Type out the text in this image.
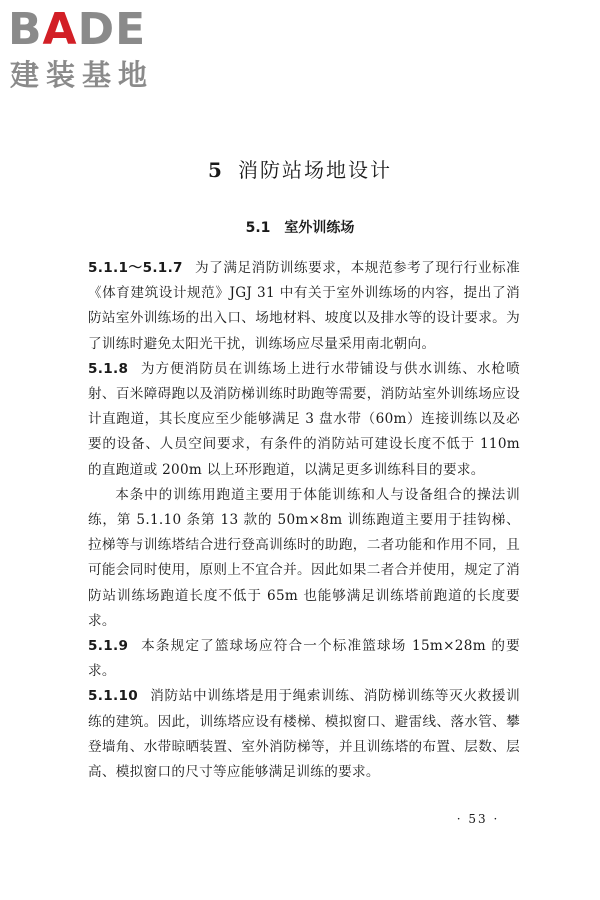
BADE
建装基地
5 消防站场地设计
5.1 室外训练场

5.1.1～5.1.7 为了满足消防训练要求，本规范参考了现行行业标准《体育建筑设计规范》JGJ 31 中有关于室外训练场的内容，提出了消防站室外训练场的出入口、场地材料、坡度以及排水等的设计要求。为了训练时避免太阳光干扰，训练场应尽量采用南北朝向。

5.1.8 为方便消防员在训练场上进行水带铺设与供水训练、水枪喷射、百米障碍跑以及消防梯训练时助跑等需要，消防站室外训练场应设计直跑道，其长度应至少能够满足 3 盘水带（60m）连接训练以及必要的设备、人员空间要求，有条件的消防站可建设长度不低于 110m 的直跑道或 200m 以上环形跑道，以满足更多训练科目的要求。

本条中的训练用跑道主要用于体能训练和人与设备组合的操法训练，第 5.1.10 条第 13 款的 50m×8m 训练跑道主要用于挂钩梯、拉梯等与训练塔结合进行登高训练时的助跑，二者功能和作用不同，且可能会同时使用，原则上不宜合并。因此如果二者合并使用，规定了消防站训练场跑道长度不低于 65m 也能够满足训练塔前跑道的长度要求。

5.1.9 本条规定了篮球场应符合一个标准篮球场 15m×28m 的要求。

5.1.10 消防站中训练塔是用于绳索训练、消防梯训练等灭火救援训练的建筑。因此，训练塔应设有楼梯、模拟窗口、避雷线、落水管、攀登墙角、水带晾晒装置、室外消防梯等，并且训练塔的布置、层数、层高、模拟窗口的尺寸等应能够满足训练的要求。

· 53 ·
